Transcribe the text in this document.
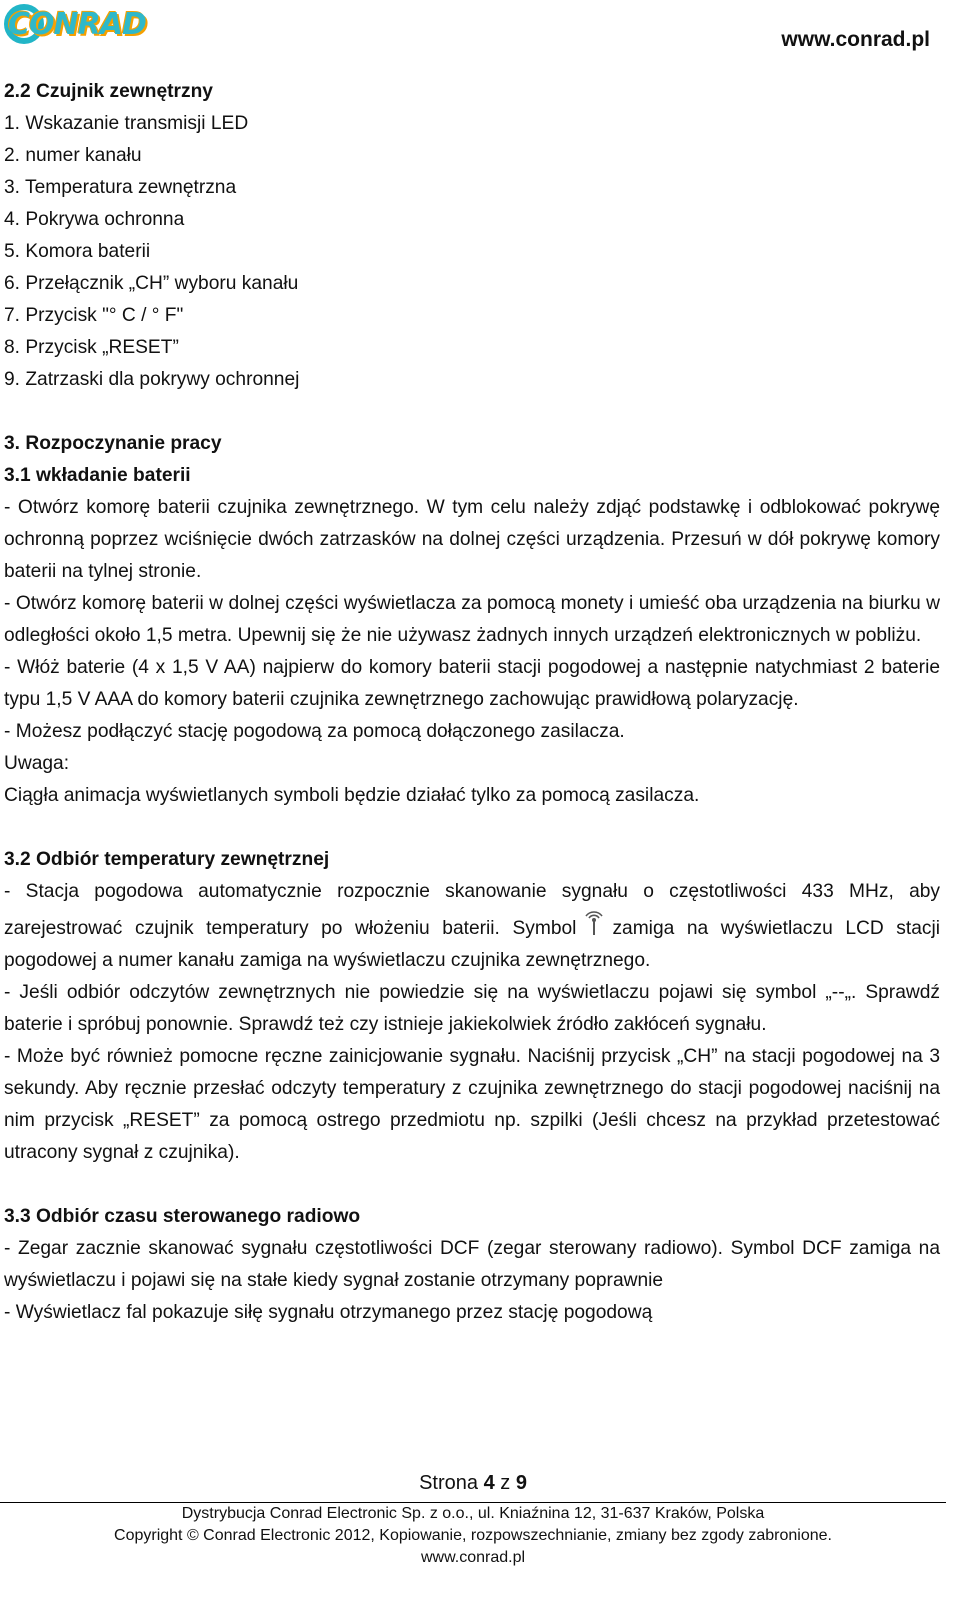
CONRAD	www.conrad.pl

2.2 Czujnik zewnętrzny

1. Wskazanie transmisji LED

2. numer kanału

3. Temperatura zewnętrzna

4. Pokrywa ochronna

5. Komora baterii

6. Przełącznik „CH” wyboru kanału

7. Przycisk "° C / ° F"

8. Przycisk „RESET”

9. Zatrzaski dla pokrywy ochronnej

3. Rozpoczynanie pracy

3.1 wkładanie baterii

- Otwórz komorę baterii czujnika zewnętrznego. W tym celu należy zdjąć podstawkę i odblokować pokrywę ochronną poprzez wciśnięcie dwóch zatrzasków na dolnej części urządzenia. Przesuń w dół pokrywę komory baterii na tylnej stronie.

- Otwórz komorę baterii w dolnej części wyświetlacza za pomocą monety i umieść oba urządzenia na biurku w odległości około 1,5 metra. Upewnij się że nie używasz żadnych innych urządzeń elektronicznych w pobliżu.

- Włóż baterie (4 x 1,5 V AA) najpierw do komory baterii stacji pogodowej a następnie natychmiast 2 baterie typu 1,5 V AAA do komory baterii czujnika zewnętrznego zachowując prawidłową polaryzację.

- Możesz podłączyć stację pogodową za pomocą dołączonego zasilacza.

Uwaga:

Ciągła animacja wyświetlanych symboli będzie działać tylko za pomocą zasilacza.

3.2 Odbiór temperatury zewnętrznej

- Stacja pogodowa automatycznie rozpocznie skanowanie sygnału o częstotliwości 433 MHz, aby zarejestrować czujnik temperatury po włożeniu baterii. Symbol zamiga na wyświetlaczu LCD stacji pogodowej a numer kanału zamiga na wyświetlaczu czujnika zewnętrznego.

- Jeśli odbiór odczytów zewnętrznych nie powiedzie się na wyświetlaczu pojawi się symbol „--„. Sprawdź baterie i spróbuj ponownie. Sprawdź też czy istnieje jakiekolwiek źródło zakłóceń sygnału.

- Może być również pomocne ręczne zainicjowanie sygnału. Naciśnij przycisk „CH” na stacji pogodowej na 3 sekundy. Aby ręcznie przesłać odczyty temperatury z czujnika zewnętrznego do stacji pogodowej naciśnij na nim przycisk „RESET” za pomocą ostrego przedmiotu np. szpilki (Jeśli chcesz na przykład przetestować utracony sygnał z czujnika).

3.3 Odbiór czasu sterowanego radiowo

- Zegar zacznie skanować sygnału częstotliwości DCF (zegar sterowany radiowo). Symbol DCF zamiga na wyświetlaczu i pojawi się na stałe kiedy sygnał zostanie otrzymany poprawnie

- Wyświetlacz fal pokazuje siłę sygnału otrzymanego przez stację pogodową

Strona 4 z 9
Dystrybucja Conrad Electronic Sp. z o.o., ul. Kniaźnina 12, 31-637 Kraków, Polska
Copyright © Conrad Electronic 2012, Kopiowanie, rozpowszechnianie, zmiany bez zgody zabronione.
www.conrad.pl
